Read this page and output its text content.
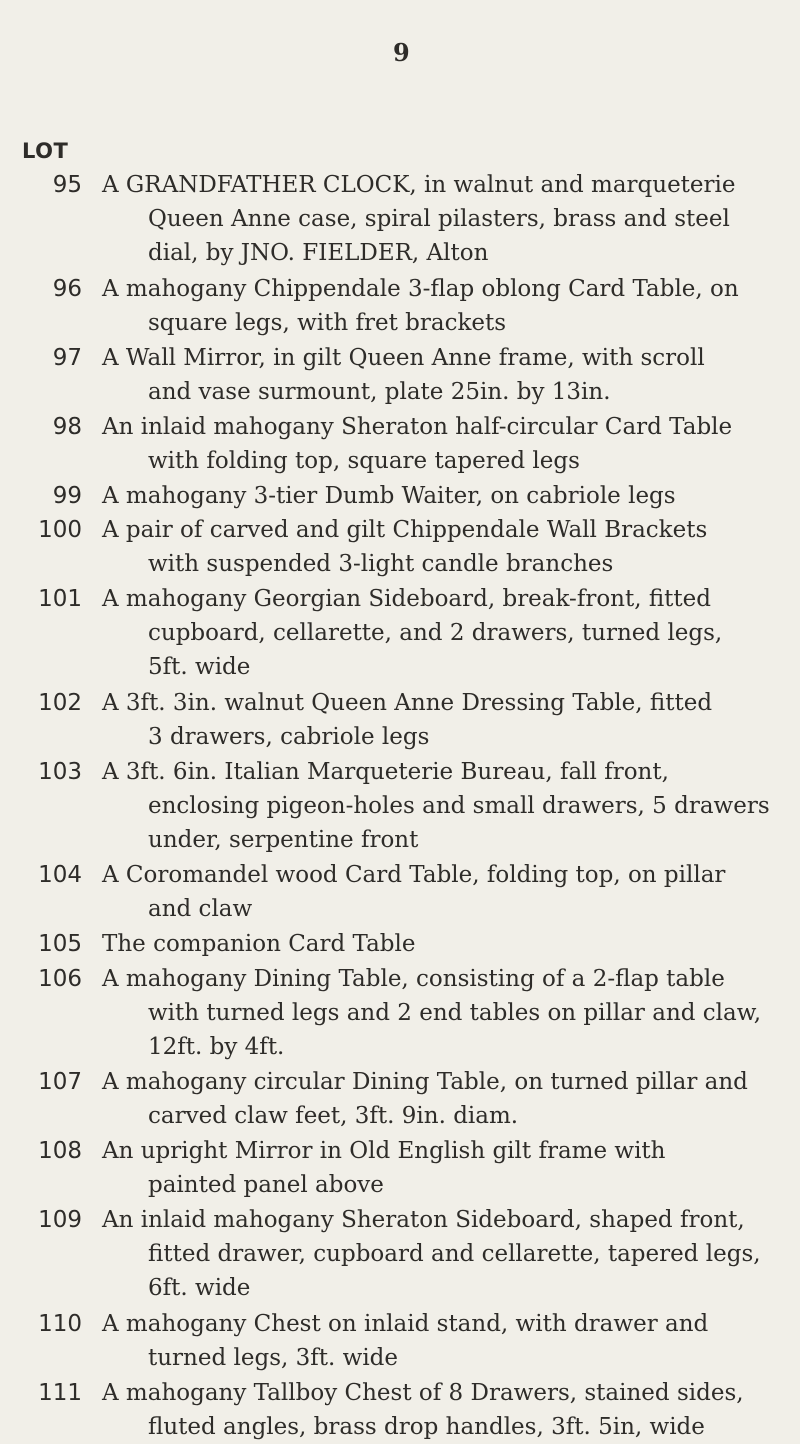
9
LOT
95 A GRANDFATHER CLOCK, in walnut and marqueterie
Queen Anne case, spiral pilasters, brass and steel
dial, by JNO. FIELDER, Alton
96 A mahogany Chippendale 3-flap oblong Card Table, on
square legs, with fret brackets
97 A Wall Mirror, in gilt Queen Anne frame, with scroll
and vase surmount, plate 25in. by 13in.
98 An inlaid mahogany Sheraton half-circular Card Table
with folding top, square tapered legs
99 A mahogany 3-tier Dumb Waiter, on cabriole legs
100 A pair of carved and gilt Chippendale Wall Brackets
with suspended 3-light candle branches
101 A mahogany Georgian Sideboard, break-front, fitted
cupboard, cellarette, and 2 drawers, turned legs,
5ft. wide
102 A 3ft. 3in. walnut Queen Anne Dressing Table, fitted
3 drawers, cabriole legs
103 A 3ft. 6in. Italian Marqueterie Bureau, fall front,
enclosing pigeon-holes and small drawers, 5 drawers
under, serpentine front
104 A Coromandel wood Card Table, folding top, on pillar
and claw
105 The companion Card Table
106 A mahogany Dining Table, consisting of a 2-flap table
with turned legs and 2 end tables on pillar and claw,
12ft. by 4ft.
107 A mahogany circular Dining Table, on turned pillar and
carved claw feet, 3ft. 9in. diam.
108 An upright Mirror in Old English gilt frame with
painted panel above
109 An inlaid mahogany Sheraton Sideboard, shaped front,
fitted drawer, cupboard and cellarette, tapered legs,
6ft. wide
110 A mahogany Chest on inlaid stand, with drawer and
turned legs, 3ft. wide
111 A mahogany Tallboy Chest of 8 Drawers, stained sides,
fluted angles, brass drop handles, 3ft. 5in, wide
